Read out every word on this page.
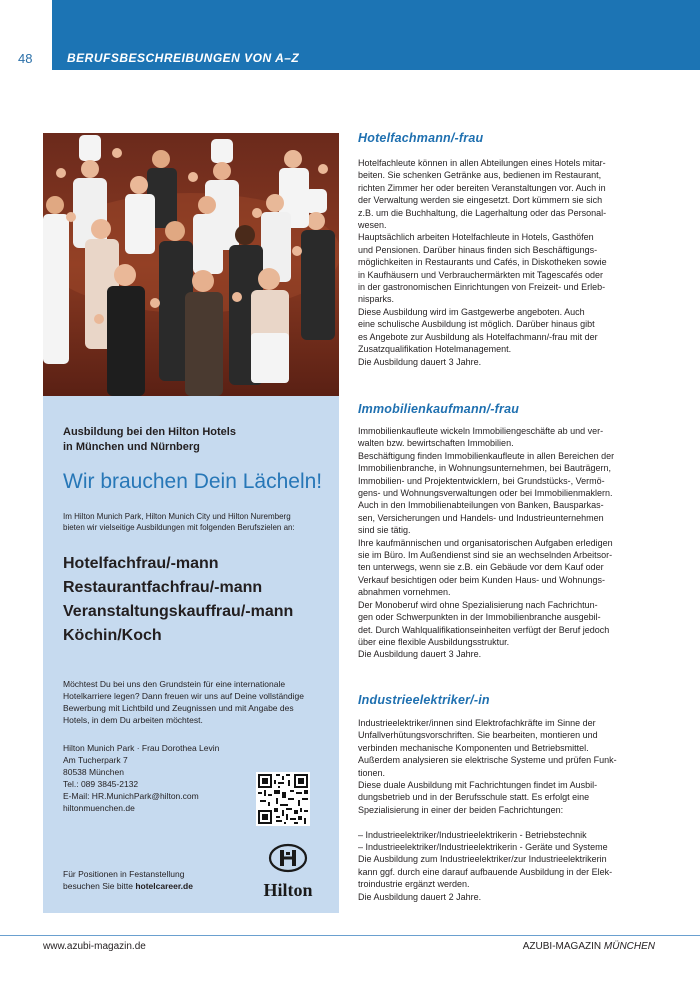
48	BERUFSBESCHREIBUNGEN VON A–Z
Ausbildung bei den Hilton Hotels
in München und Nürnberg
Wir brauchen Dein Lächeln!
Im Hilton Munich Park, Hilton Munich City und Hilton Nuremberg
bieten wir vielseitige Ausbildungen mit folgenden Berufszielen an:
Hotelfachfrau/-mann
Restaurantfachfrau/-mann
Veranstaltungskauffrau/-mann
Köchin/Koch
Möchtest Du bei uns den Grundstein für eine internationale
Hotelkarriere legen? Dann freuen wir uns auf Deine vollständige
Bewerbung mit Lichtbild und Zeugnissen und mit Angabe des
Hotels, in dem Du arbeiten möchtest.
Hilton Munich Park · Frau Dorothea Levin
Am Tucherpark 7
80538 München
Tel.: 089 3845-2132
E-Mail: HR.MunichPark@hilton.com
hiltonmuenchen.de
Für Positionen in Festanstellung
besuchen Sie bitte hotelcareer.de	Hilton
Hotelfachmann/-frau

Hotelfachleute können in allen Abteilungen eines Hotels mitar-

beiten. Sie schenken Getränke aus, bedienen im Restaurant,

richten Zimmer her oder bereiten Veranstaltungen vor. Auch in

der Verwaltung werden sie eingesetzt. Dort kümmern sie sich

z.B. um die Buchhaltung, die Lagerhaltung oder das Personal-

wesen.

Hauptsächlich arbeiten Hotelfachleute in Hotels, Gasthöfen

und Pensionen. Darüber hinaus finden sich Beschäftigungs-

möglichkeiten in Restaurants und Cafés, in Diskotheken sowie

in Kaufhäusern und Verbrauchermärkten mit Tagescafés oder

in der gastronomischen Einrichtungen von Freizeit- und Erleb-

nisparks.

Diese Ausbildung wird im Gastgewerbe angeboten. Auch

eine schulische Ausbildung ist möglich. Darüber hinaus gibt

es Angebote zur Ausbildung als Hotelfachmann/-frau mit der

Zusatzqualifikation Hotelmanagement.

Die Ausbildung dauert 3 Jahre.

Immobilienkaufmann/-frau

Immobilienkaufleute wickeln Immobiliengeschäfte ab und ver-

walten bzw. bewirtschaften Immobilien.

Beschäftigung finden Immobilienkaufleute in allen Bereichen der

Immobilienbranche, in Wohnungsunternehmen, bei Bauträgern,

Immobilien- und Projektentwicklern, bei Grundstücks-, Vermö-

gens- und Wohnungsverwaltungen oder bei Immobilienmaklern.

Auch in den Immobilienabteilungen von Banken, Bausparkas-

sen, Versicherungen und Handels- und Industrieunternehmen

sind sie tätig.

Ihre kaufmännischen und organisatorischen Aufgaben erledigen

sie im Büro. Im Außendienst sind sie an wechselnden Arbeitsor-

ten unterwegs, wenn sie z.B. ein Gebäude vor dem Kauf oder

Verkauf besichtigen oder beim Kunden Haus- und Wohnungs-

abnahmen vornehmen.

Der Monoberuf wird ohne Spezialisierung nach Fachrichtun-

gen oder Schwerpunkten in der Immobilienbranche ausgebil-

det. Durch Wahlqualifikationseinheiten verfügt der Beruf jedoch

über eine flexible Ausbildungsstruktur.

Die Ausbildung dauert 3 Jahre.

Industrieelektriker/-in

Industrieelektriker/innen sind Elektrofachkräfte im Sinne der

Unfallverhütungsvorschriften. Sie bearbeiten, montieren und

verbinden mechanische Komponenten und Betriebsmittel.

Außerdem analysieren sie elektrische Systeme und prüfen Funk-

tionen.

Diese duale Ausbildung mit Fachrichtungen findet im Ausbil-

dungsbetrieb und in der Berufsschule statt. Es erfolgt eine

Spezialisierung in einer der beiden Fachrichtungen:

– Industrieelektriker/Industrieelektrikerin - Betriebstechnik

– Industrieelektriker/Industrieelektrikerin - Geräte und Systeme

Die Ausbildung zum Industrieelektriker/zur Industrieelektrikerin

kann ggf. durch eine darauf aufbauende Ausbildung in der Elek-

troindustrie ergänzt werden.

Die Ausbildung dauert 2 Jahre.

www.azubi-magazin.de	AZUBI-MAGAZIN MÜNCHEN
